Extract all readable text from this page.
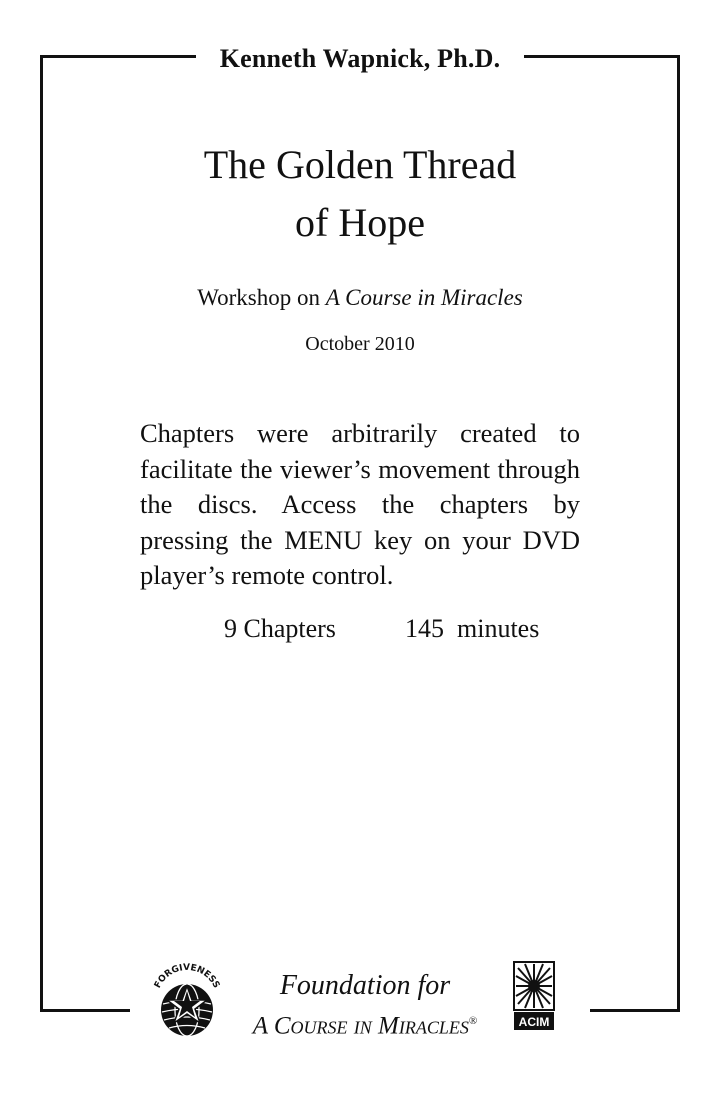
Kenneth Wapnick, Ph.D.
The Golden Thread
of Hope
Workshop on A Course in Miracles
October 2010
Chapters were arbitrarily created to facilitate the viewer’s movement through the discs. Access the chapters by pressing the MENU key on your DVD player’s remote control.
9 Chapters	145  minutes
FORGIVENESS	Foundation for
A Course in Miracles®	ACIM
